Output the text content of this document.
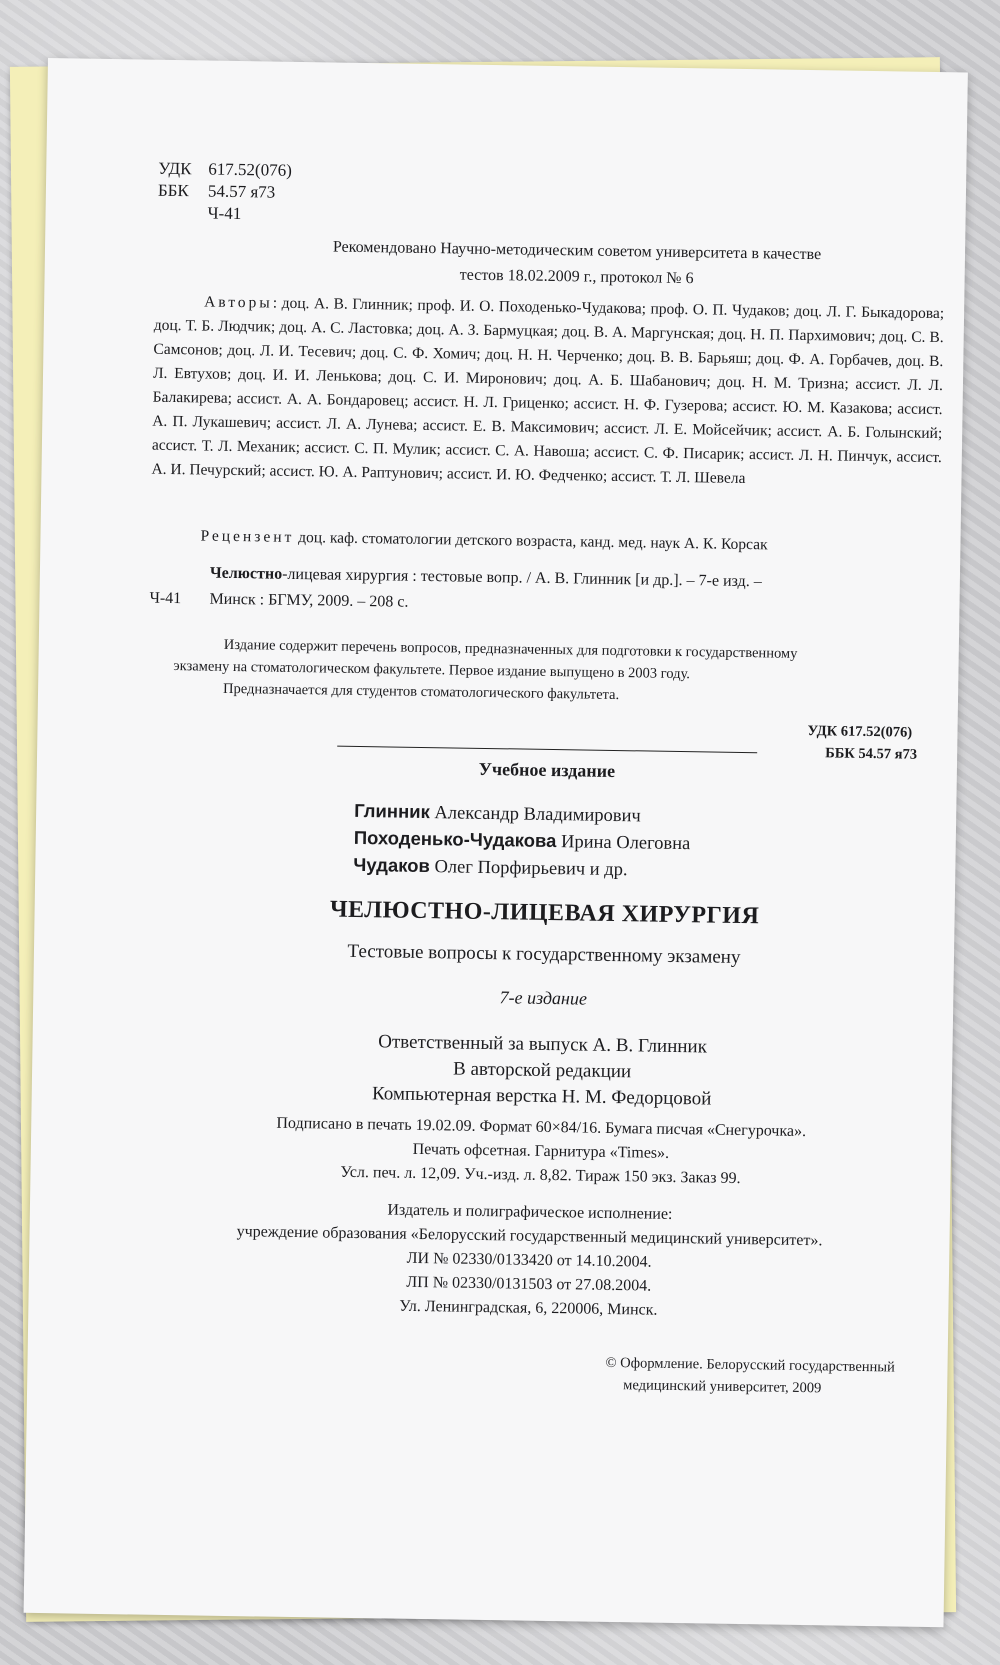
УДК 617.52(076)
ББК	54.57 я73
Ч-41
Рекомендовано Научно-методическим советом университета в качестве
тестов 18.02.2009 г., протокол № 6
Авторы: доц. А. В. Глинник; проф. И. О. Походенько-Чудакова; проф. О. П. Чудаков; доц. Л. Г. Быкадорова; доц. Т. Б. Людчик; доц. А. С. Ластовка; доц. А. З. Бармуцкая; доц. В. А. Маргунская; доц. Н. П. Пархимович; доц. С. В. Самсонов; доц. Л. И. Тесевич; доц. С. Ф. Хомич; доц. Н. Н. Черченко; доц. В. В. Барьяш; доц. Ф. А. Горбачев, доц. В. Л. Евтухов; доц. И. И. Ленькова; доц. С. И. Миронович; доц. А. Б. Шабанович; доц. Н. М. Тризна; ассист. Л. Л. Балакирева; ассист. А. А. Бондаровец; ассист. Н. Л. Гриценко; ассист. Н. Ф. Гузерова; ассист. Ю. М. Казакова; ассист. А. П. Лукашевич; ассист. Л. А. Лунева; ассист. Е. В. Максимович; ассист. Л. Е. Мойсейчик; ассист. А. Б. Голынский; ассист. Т. Л. Механик; ассист. С. П. Мулик; ассист. С. А. Навоша; ассист. С. Ф. Писарик; ассист. Л. Н. Пинчук, ассист. А. И. Печурский; ассист. Ю. А. Раптунович; ассист. И. Ю. Федченко; ассист. Т. Л. Шевела
Рецензент доц. каф. стоматологии детского возраста, канд. мед. наук А. К. Корсак
Челюстно-лицевая хирургия : тестовые вопр. / А. В. Глинник [и др.]. – 7-е изд. –
Ч-41	Минск : БГМУ, 2009. – 208 с.

Издание содержит перечень вопросов, предназначенных для подготовки к государственному

экзамену на стоматологическом факультете. Первое издание выпущено в 2003 году.

Предназначается для студентов стоматологического факультета.

УДК 617.52(076)
ББК 54.57 я73
Учебное издание
Глинник Александр Владимирович
Походенько-Чудакова Ирина Олеговна
Чудаков Олег Порфирьевич и др.
ЧЕЛЮСТНО-ЛИЦЕВАЯ ХИРУРГИЯ
Тестовые вопросы к государственному экзамену
7-е издание
Ответственный за выпуск А. В. Глинник
В авторской редакции
Компьютерная верстка Н. М. Федорцовой
Подписано в печать 19.02.09. Формат 60×84/16. Бумага писчая «Снегурочка».
Печать офсетная. Гарнитура «Times».
Усл. печ. л. 12,09. Уч.-изд. л. 8,82. Тираж 150 экз. Заказ 99.
Издатель и полиграфическое исполнение:
учреждение образования «Белорусский государственный медицинский университет».
ЛИ № 02330/0133420 от 14.10.2004.
ЛП № 02330/0131503 от 27.08.2004.
Ул. Ленинградская, 6, 220006, Минск.
© Оформление. Белорусский государственный
медицинский университет, 2009
